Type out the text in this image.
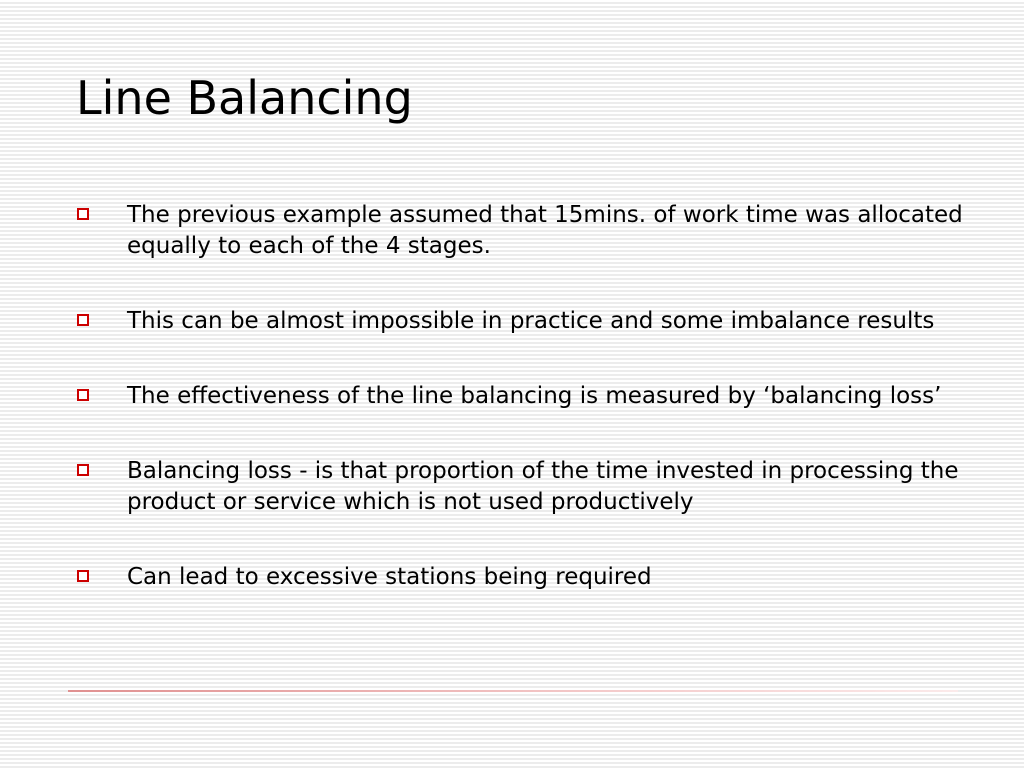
Line Balancing
The previous example assumed that 15mins. of work time was allocated equally to each of the 4 stages.
This can be almost impossible in practice and some imbalance results
The effectiveness of the line balancing is measured by ‘balancing loss’
Balancing loss - is that proportion of the time invested in processing the product or service which is not used productively
Can lead to excessive stations being required
